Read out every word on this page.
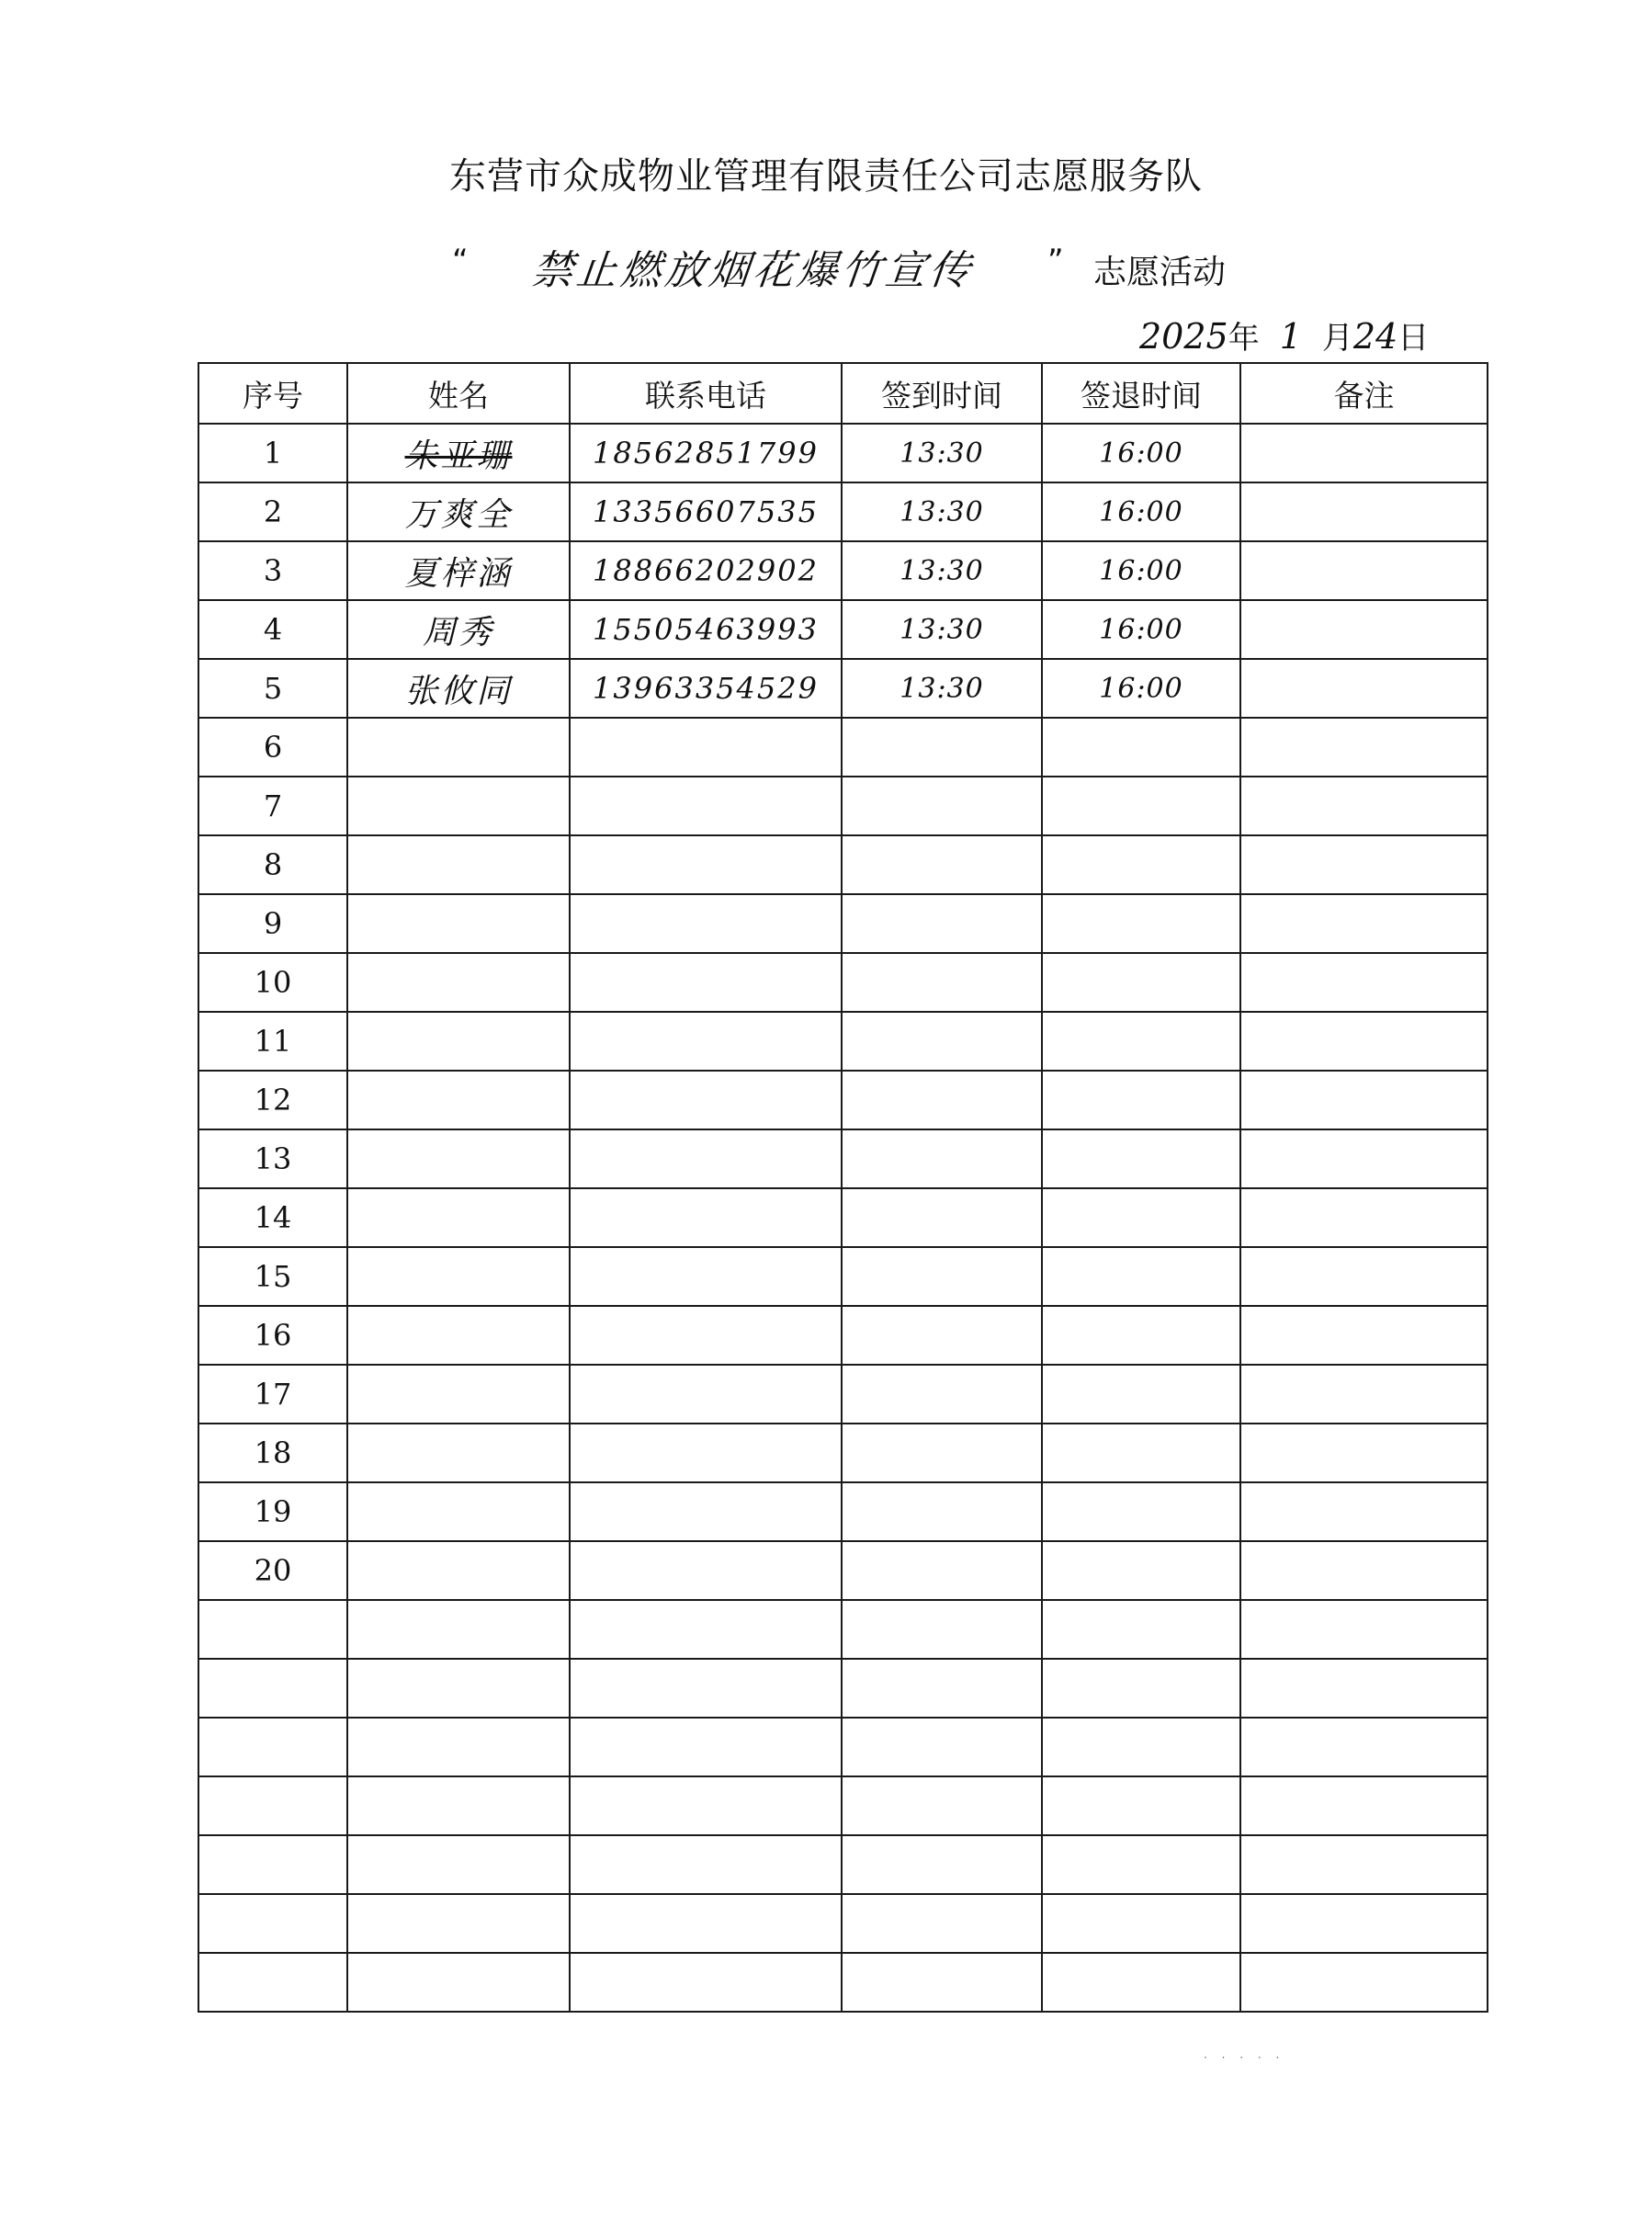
东营市众成物业管理有限责任公司志愿服务队
“ 禁止燃放烟花爆竹宣传 ” 志愿活动
2025年 1 月24日
序号	姓名	联系电话	签到时间	签退时间	备注
1	朱亚珊	18562851799	13:30	16:00	
2	万爽全	13356607535	13:30	16:00	
3	夏梓涵	18866202902	13:30	16:00	
4	周秀	15505463993	13:30	16:00	
5	张攸同	13963354529	13:30	16:00	
6					
7					
8					
9					
10					
11					
12					
13					
14					
15					
16					
17					
18					
19					
20					

· · · · ·
